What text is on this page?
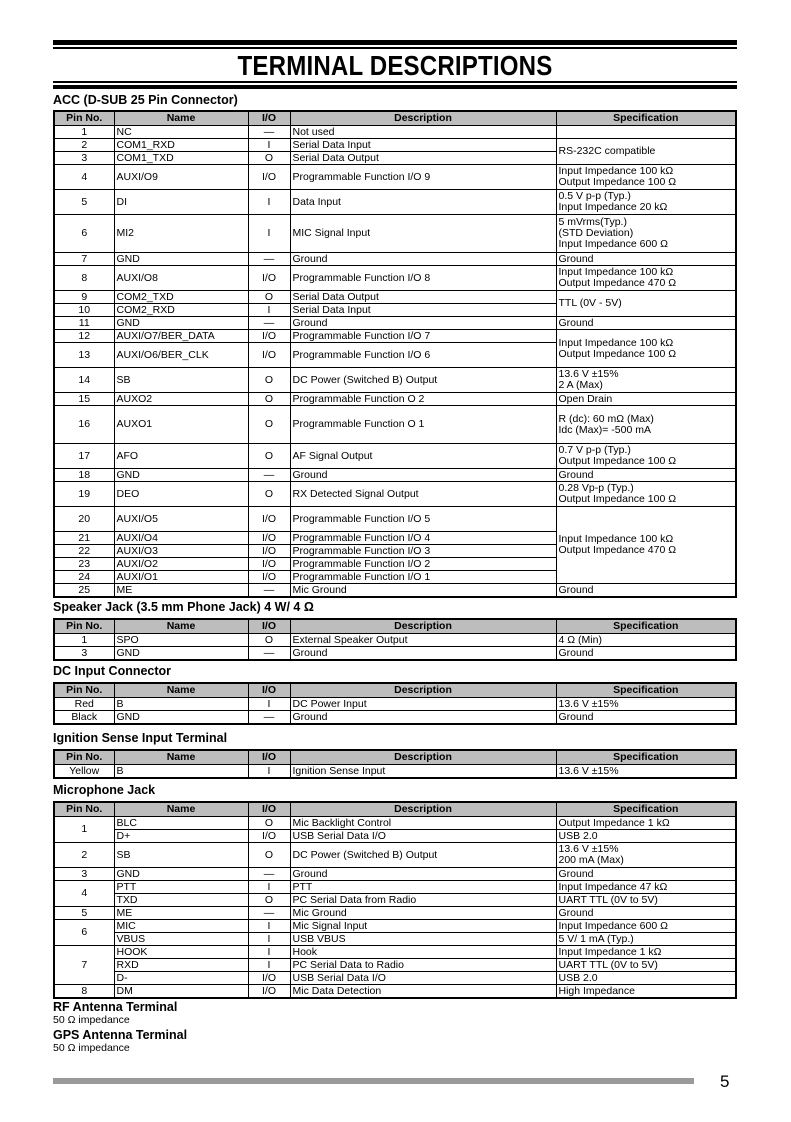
TERMINAL DESCRIPTIONS
ACC (D-SUB 25 Pin Connector)
Pin No.	Name	I/O	Description	Specification
1	NC	—	Not used	
2	COM1_RXD	I	Serial Data Input	RS-232C compatible
3	COM1_TXD	O	Serial Data Output	
4	AUXI/O9	I/O	Programmable Function I/O 9	Input Impedance 100 kΩ
Output Impedance 100 Ω
5	DI	I	Data Input	0.5 V p-p (Typ.)
Input Impedance 20 kΩ
6	MI2	I	MIC Signal Input	5 mVrms(Typ.)
(STD Deviation)
Input Impedance 600 Ω
7	GND	—	Ground	Ground
8	AUXI/O8	I/O	Programmable Function I/O 8	Input Impedance 100 kΩ
Output Impedance 470 Ω
9	COM2_TXD	O	Serial Data Output	TTL (0V - 5V)
10	COM2_RXD	I	Serial Data Input	
11	GND	—	Ground	Ground
12	AUXI/O7/BER_DATA	I/O	Programmable Function I/O 7	Input Impedance 100 kΩ
Output Impedance 100 Ω
13	AUXI/O6/BER_CLK	I/O	Programmable Function I/O 6	
14	SB	O	DC Power (Switched B) Output	13.6 V ±15%
2 A (Max)
15	AUXO2	O	Programmable Function O 2	Open Drain
16	AUXO1	O	Programmable Function O 1	R (dc): 60 mΩ (Max)
Idc (Max)= -500 mA
17	AFO	O	AF Signal Output	0.7 V p-p (Typ.)
Output Impedance 100 Ω
18	GND	—	Ground	Ground
19	DEO	O	RX Detected Signal Output	0.28 Vp-p (Typ.)
Output Impedance 100 Ω
20	AUXI/O5	I/O	Programmable Function I/O 5	Input Impedance 100 kΩ
Output Impedance 470 Ω
21	AUXI/O4	I/O	Programmable Function I/O 4	
22	AUXI/O3	I/O	Programmable Function I/O 3	
23	AUXI/O2	I/O	Programmable Function I/O 2	
24	AUXI/O1	I/O	Programmable Function I/O 1	
25	ME	—	Mic Ground	Ground
Speaker Jack (3.5 mm Phone Jack) 4 W/ 4 Ω
Pin No.	Name	I/O	Description	Specification
1	SPO	O	External Speaker Output	4 Ω (Min)
3	GND	—	Ground	Ground
DC Input Connector
Pin No.	Name	I/O	Description	Specification
Red	B	I	DC Power Input	13.6 V ±15%
Black	GND	—	Ground	Ground
Ignition Sense Input Terminal
Pin No.	Name	I/O	Description	Specification
Yellow	B	I	Ignition Sense Input	13.6 V ±15%
Microphone Jack
Pin No.	Name	I/O	Description	Specification
1	BLC	O	Mic Backlight Control	Output Impedance 1 kΩ
	D+	I/O	USB Serial Data I/O	USB 2.0
2	SB	O	DC Power (Switched B) Output	13.6 V ±15%
200 mA (Max)
3	GND	—	Ground	Ground
4	PTT	I	PTT	Input Impedance 47 kΩ
	TXD	O	PC Serial Data from Radio	UART TTL (0V to 5V)
5	ME	—	Mic Ground	Ground
6	MIC	I	Mic Signal Input	Input Impedance 600 Ω
	VBUS	I	USB VBUS	5 V/ 1 mA (Typ.)
7	HOOK	I	Hook	Input Impedance 1 kΩ
	RXD	I	PC Serial Data to Radio	UART TTL (0V to 5V)
	D-	I/O	USB Serial Data I/O	USB 2.0
8	DM	I/O	Mic Data Detection	High Impedance
RF Antenna Terminal
50 Ω impedance
GPS Antenna Terminal
50 Ω impedance
5
